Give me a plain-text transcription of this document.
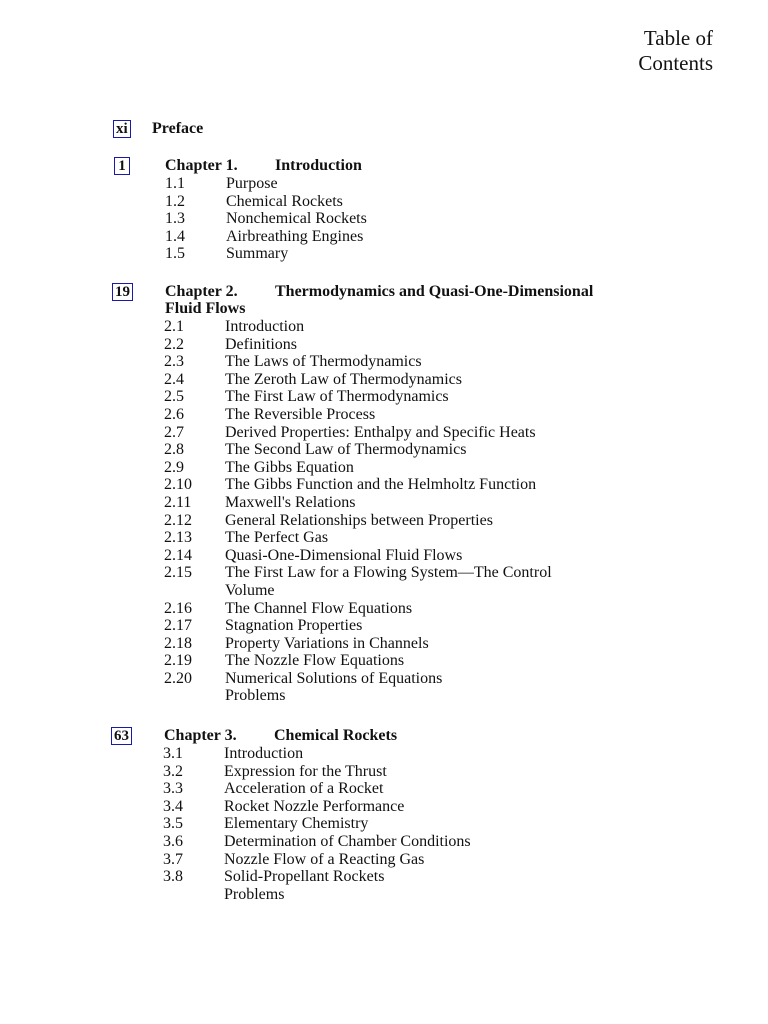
Table of
Contents
xi Preface
1 Chapter 1. Introduction
1.1	Purpose
1.2	Chemical Rockets
1.3	Nonchemical Rockets
1.4	Airbreathing Engines
1.5	Summary
19 Chapter 2. Thermodynamics and Quasi-One-Dimensional
Fluid Flows
2.1	Introduction
2.2	Definitions
2.3	The Laws of Thermodynamics
2.4	The Zeroth Law of Thermodynamics
2.5	The First Law of Thermodynamics
2.6	The Reversible Process
2.7	Derived Properties: Enthalpy and Specific Heats
2.8	The Second Law of Thermodynamics
2.9	The Gibbs Equation
2.10 The Gibbs Function and the Helmholtz Function
2.11 Maxwell's Relations
2.12 General Relationships between Properties
2.13 The Perfect Gas
2.14 Quasi-One-Dimensional Fluid Flows
2.15 The First Law for a Flowing System—The Control
Volume
2.16 The Channel Flow Equations
2.17 Stagnation Properties
2.18 Property Variations in Channels
2.19 The Nozzle Flow Equations
2.20 Numerical Solutions of Equations
Problems
63 Chapter 3. Chemical Rockets
3.1	Introduction
3.2	Expression for the Thrust
3.3	Acceleration of a Rocket
3.4	Rocket Nozzle Performance
3.5	Elementary Chemistry
3.6	Determination of Chamber Conditions
3.7	Nozzle Flow of a Reacting Gas
3.8	Solid-Propellant Rockets
Problems
